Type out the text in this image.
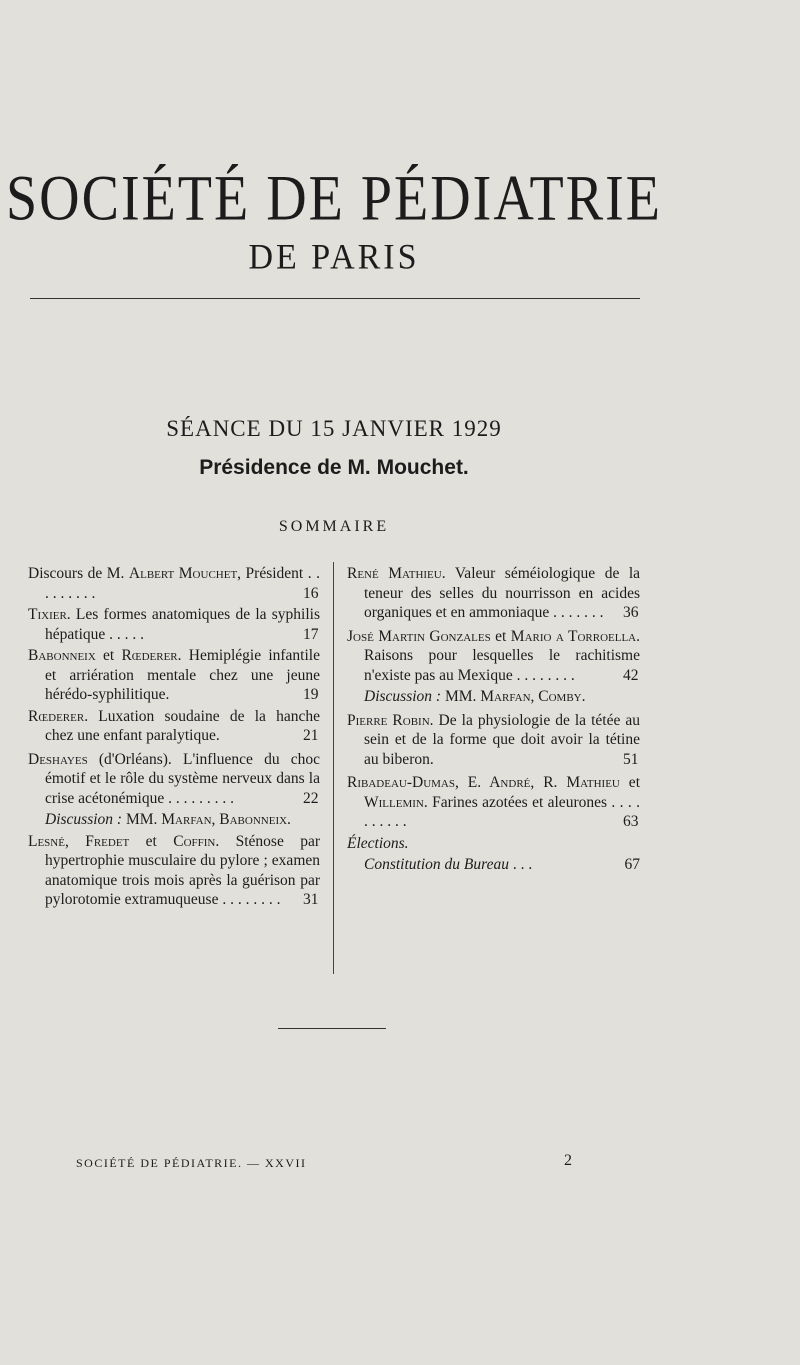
SOCIÉTÉ DE PÉDIATRIE
DE PARIS
SÉANCE DU 15 JANVIER 1929
Présidence de M. Mouchet.
SOMMAIRE

Discours de M. Albert Mouchet, Président . . . . . . . . .	16

Tixier. Les formes anatomiques de la syphilis hépatique . . . . .	17

Babonneix et Rœderer. Hemiplégie infantile et arriération mentale chez une jeune hérédo-syphilitique.	19

Rœderer. Luxation soudaine de la hanche chez une enfant paralytique.	21

Deshayes (d'Orléans). L'influence du choc émotif et le rôle du système nerveux dans la crise acétonémique . . . . . . . . .	22

Discussion : MM. Marfan, Babonneix.

Lesné, Fredet et Coffin. Sténose par hypertrophie musculaire du pylore ; examen anatomique trois mois après la guérison par pylorotomie extramuqueuse . . . . . . . . 31

René Mathieu. Valeur séméiologique de la teneur des selles du nourrisson en acides organiques et en ammoniaque . . . . . . . 36

José Martin Gonzales et Mario a Torroella. Raisons pour lesquelles le rachitisme n'existe pas au Mexique . . . . . . . .	42

Discussion : MM. Marfan, Comby.

Pierre Robin. De la physiologie de la tétée au sein et de la forme que doit avoir la tétine au biberon.	51

Ribadeau-Dumas, E. André, R. Mathieu et Willemin. Farines azotées et aleurones . . . . . . . . . .	63

Élections.

Constitution du Bureau . . .	67

SOCIÉTÉ DE PÉDIATRIE. — XXVII	2
